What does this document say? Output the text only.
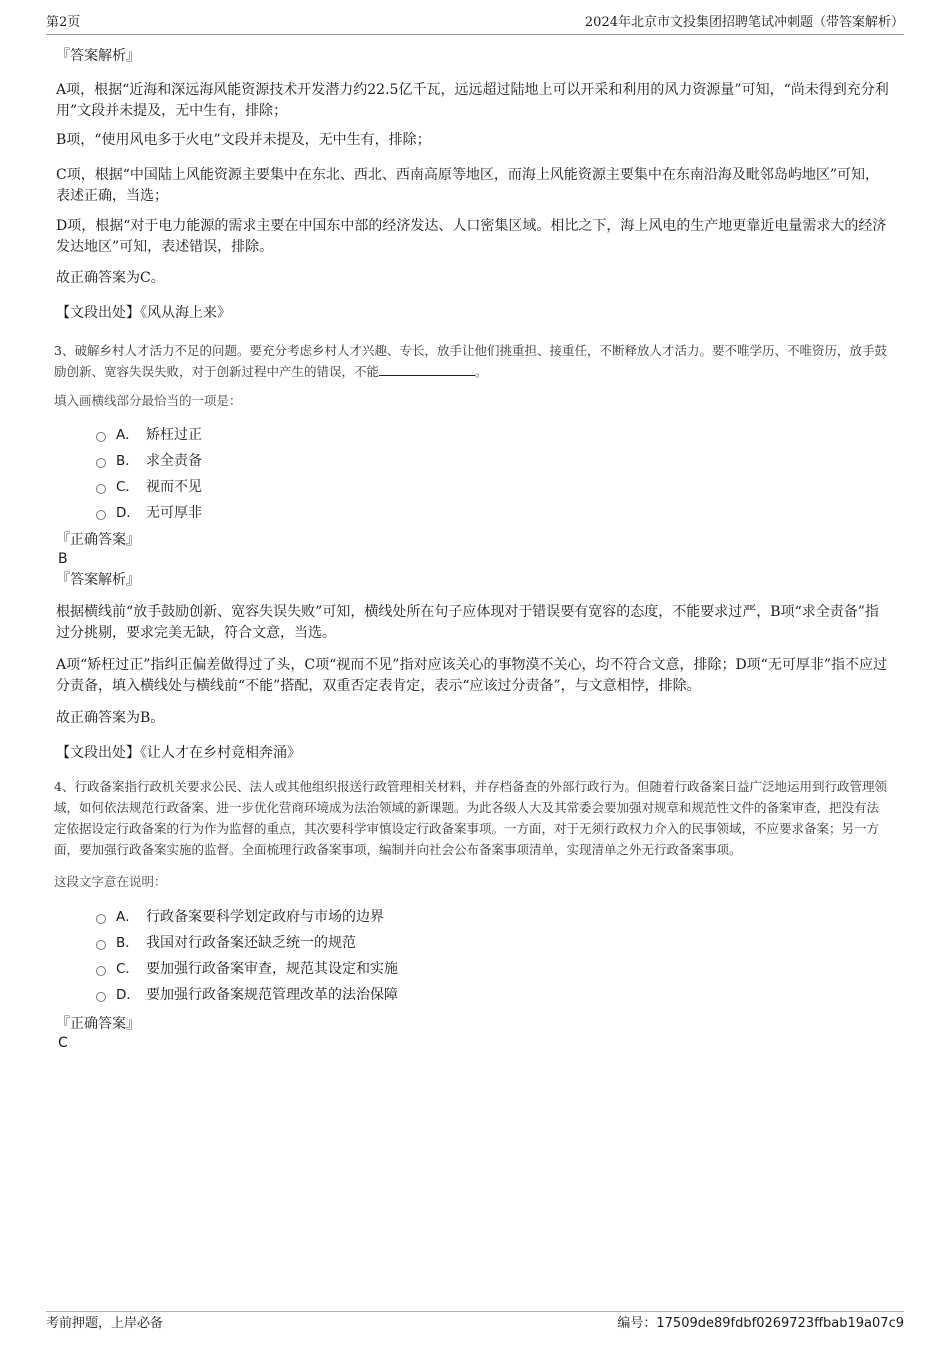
第2页	2024年北京市文投集团招聘笔试冲刺题（带答案解析）
『答案解析』

A项，根据“近海和深远海风能资源技术开发潜力约22.5亿千瓦，远远超过陆地上可以开采和利用的风力资源量”可知，“尚未得到充分利用”文段并未提及，无中生有，排除；

B项，“使用风电多于火电”文段并未提及，无中生有，排除；

C项，根据“中国陆上风能资源主要集中在东北、西北、西南高原等地区，而海上风能资源主要集中在东南沿海及毗邻岛屿地区”可知，表述正确，当选；

D项，根据“对于电力能源的需求主要在中国东中部的经济发达、人口密集区域。相比之下，海上风电的生产地更靠近电量需求大的经济发达地区”可知，表述错误，排除。

故正确答案为C。

【文段出处】《风从海上来》

3、破解乡村人才活力不足的问题。要充分考虑乡村人才兴趣、专长，放手让他们挑重担、接重任，不断释放人才活力。要不唯学历、不唯资历，放手鼓励创新、宽容失误失败，对于创新过程中产生的错误，不能	。

填入画横线部分最恰当的一项是：

A． 矫枉过正
B． 求全责备
C． 视而不见
D． 无可厚非
『正确答案』
B
『答案解析』

根据横线前“放手鼓励创新、宽容失误失败”可知，横线处所在句子应体现对于错误要有宽容的态度，不能要求过严，B项“求全责备”指过分挑剔，要求完美无缺，符合文意，当选。

A项“矫枉过正”指纠正偏差做得过了头，C项“视而不见”指对应该关心的事物漠不关心，均不符合文意，排除；D项“无可厚非”指不应过分责备，填入横线处与横线前“不能”搭配，双重否定表肯定，表示“应该过分责备”，与文意相悖，排除。

故正确答案为B。

【文段出处】《让人才在乡村竞相奔涌》

4、行政备案指行政机关要求公民、法人或其他组织报送行政管理相关材料，并存档备查的外部行政行为。但随着行政备案日益广泛地运用到行政管理领域，如何依法规范行政备案、进一步优化营商环境成为法治领域的新课题。为此各级人大及其常委会要加强对规章和规范性文件的备案审查，把没有法定依据设定行政备案的行为作为监督的重点，其次要科学审慎设定行政备案事项。一方面，对于无须行政权力介入的民事领域，不应要求备案；另一方面，要加强行政备案实施的监督。全面梳理行政备案事项，编制并向社会公布备案事项清单，实现清单之外无行政备案事项。

这段文字意在说明：

A． 行政备案要科学划定政府与市场的边界
B． 我国对行政备案还缺乏统一的规范
C． 要加强行政备案审查，规范其设定和实施
D． 要加强行政备案规范管理改革的法治保障
『正确答案』
C
考前押题，上岸必备	编号：17509de89fdbf0269723ffbab19a07c9
